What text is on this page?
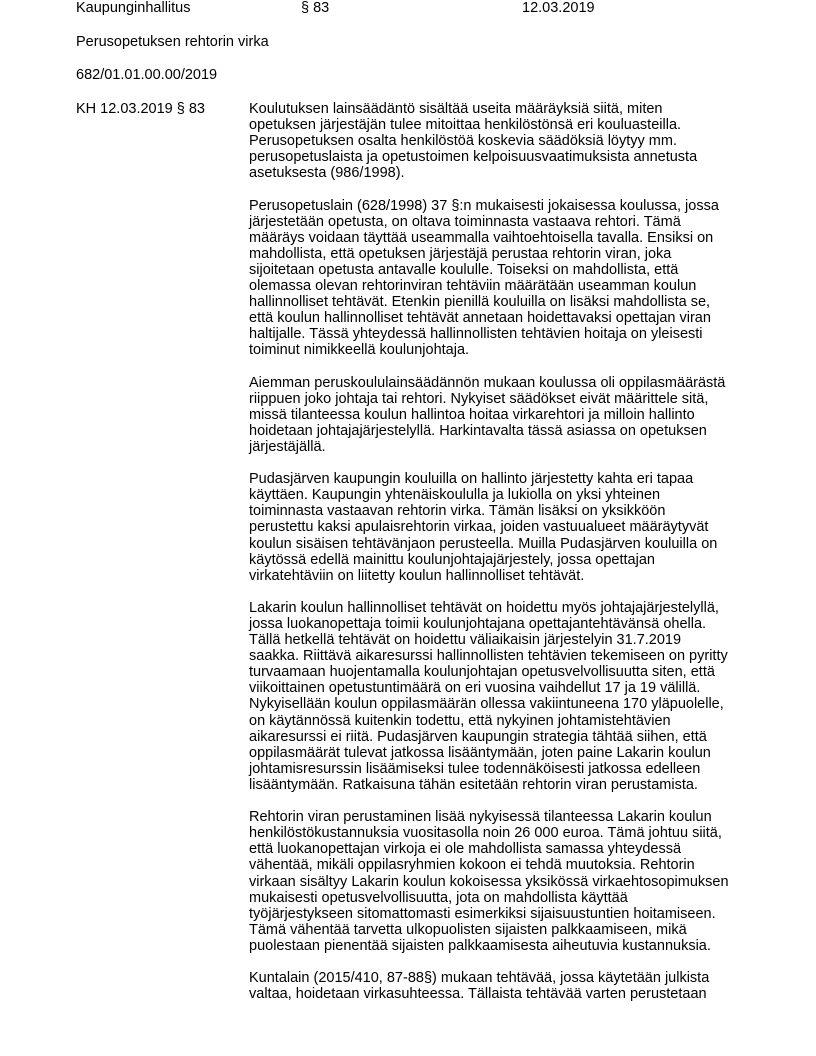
Kaupunginhallitus	§ 83	12.03.2019
Perusopetuksen rehtorin virka
682/01.01.00.00/2019
KH 12.03.2019 § 83	Koulutuksen lainsäädäntö sisältää useita määräyksiä siitä, miten
opetuksen järjestäjän tulee mitoittaa henkilöstönsä eri kouluasteilla.
Perusopetuksen osalta henkilöstöä koskevia säädöksiä löytyy mm.
perusopetuslaista ja opetustoimen kelpoisuusvaatimuksista annetusta
asetuksesta (986/1998).
Perusopetuslain (628/1998) 37 §:n mukaisesti jokaisessa koulussa, jossa
järjestetään opetusta, on oltava toiminnasta vastaava rehtori. Tämä
määräys voidaan täyttää useammalla vaihtoehtoisella tavalla. Ensiksi on
mahdollista, että opetuksen järjestäjä perustaa rehtorin viran, joka
sijoitetaan opetusta antavalle koululle. Toiseksi on mahdollista, että
olemassa olevan rehtorinviran tehtäviin määrätään useamman koulun
hallinnolliset tehtävät. Etenkin pienillä kouluilla on lisäksi mahdollista se,
että koulun hallinnolliset tehtävät annetaan hoidettavaksi opettajan viran
haltijalle. Tässä yhteydessä hallinnollisten tehtävien hoitaja on yleisesti
toiminut nimikkeellä koulunjohtaja.
Aiemman peruskoululainsäädännön mukaan koulussa oli oppilasmäärästä
riippuen joko johtaja tai rehtori. Nykyiset säädökset eivät määrittele sitä,
missä tilanteessa koulun hallintoa hoitaa virkarehtori ja milloin hallinto
hoidetaan johtajajärjestelyllä. Harkintavalta tässä asiassa on opetuksen
järjestäjällä.
Pudasjärven kaupungin kouluilla on hallinto järjestetty kahta eri tapaa
käyttäen. Kaupungin yhtenäiskoululla ja lukiolla on yksi yhteinen
toiminnasta vastaavan rehtorin virka. Tämän lisäksi on yksikköön
perustettu kaksi apulaisrehtorin virkaa, joiden vastuualueet määräytyvät
koulun sisäisen tehtävänjaon perusteella. Muilla Pudasjärven kouluilla on
käytössä edellä mainittu koulunjohtajajärjestely, jossa opettajan
virkatehtäviin on liitetty koulun hallinnolliset tehtävät.
Lakarin koulun hallinnolliset tehtävät on hoidettu myös johtajajärjestelyllä,
jossa luokanopettaja toimii koulunjohtajana opettajantehtävänsä ohella.
Tällä hetkellä tehtävät on hoidettu väliaikaisin järjestelyin 31.7.2019
saakka. Riittävä aikaresurssi hallinnollisten tehtävien tekemiseen on pyritty
turvaamaan huojentamalla koulunjohtajan opetusvelvollisuutta siten, että
viikoittainen opetustuntimäärä on eri vuosina vaihdellut 17 ja 19 välillä.
Nykyisellään koulun oppilasmäärän ollessa vakiintuneena 170 yläpuolelle,
on käytännössä kuitenkin todettu, että nykyinen johtamistehtävien
aikaresurssi ei riitä. Pudasjärven kaupungin strategia tähtää siihen, että
oppilasmäärät tulevat jatkossa lisääntymään, joten paine Lakarin koulun
johtamisresurssin lisäämiseksi tulee todennäköisesti jatkossa edelleen
lisääntymään. Ratkaisuna tähän esitetään rehtorin viran perustamista.
Rehtorin viran perustaminen lisää nykyisessä tilanteessa Lakarin koulun
henkilöstökustannuksia vuositasolla noin 26 000 euroa. Tämä johtuu siitä,
että luokanopettajan virkoja ei ole mahdollista samassa yhteydessä
vähentää, mikäli oppilasryhmien kokoon ei tehdä muutoksia. Rehtorin
virkaan sisältyy Lakarin koulun kokoisessa yksikössä virkaehtosopimuksen
mukaisesti opetusvelvollisuutta, jota on mahdollista käyttää
työjärjestykseen sitomattomasti esimerkiksi sijaisuustuntien hoitamiseen.
Tämä vähentää tarvetta ulkopuolisten sijaisten palkkaamiseen, mikä
puolestaan pienentää sijaisten palkkaamisesta aiheutuvia kustannuksia.
Kuntalain (2015/410, 87-88§) mukaan tehtävää, jossa käytetään julkista
valtaa, hoidetaan virkasuhteessa. Tällaista tehtävää varten perustetaan
